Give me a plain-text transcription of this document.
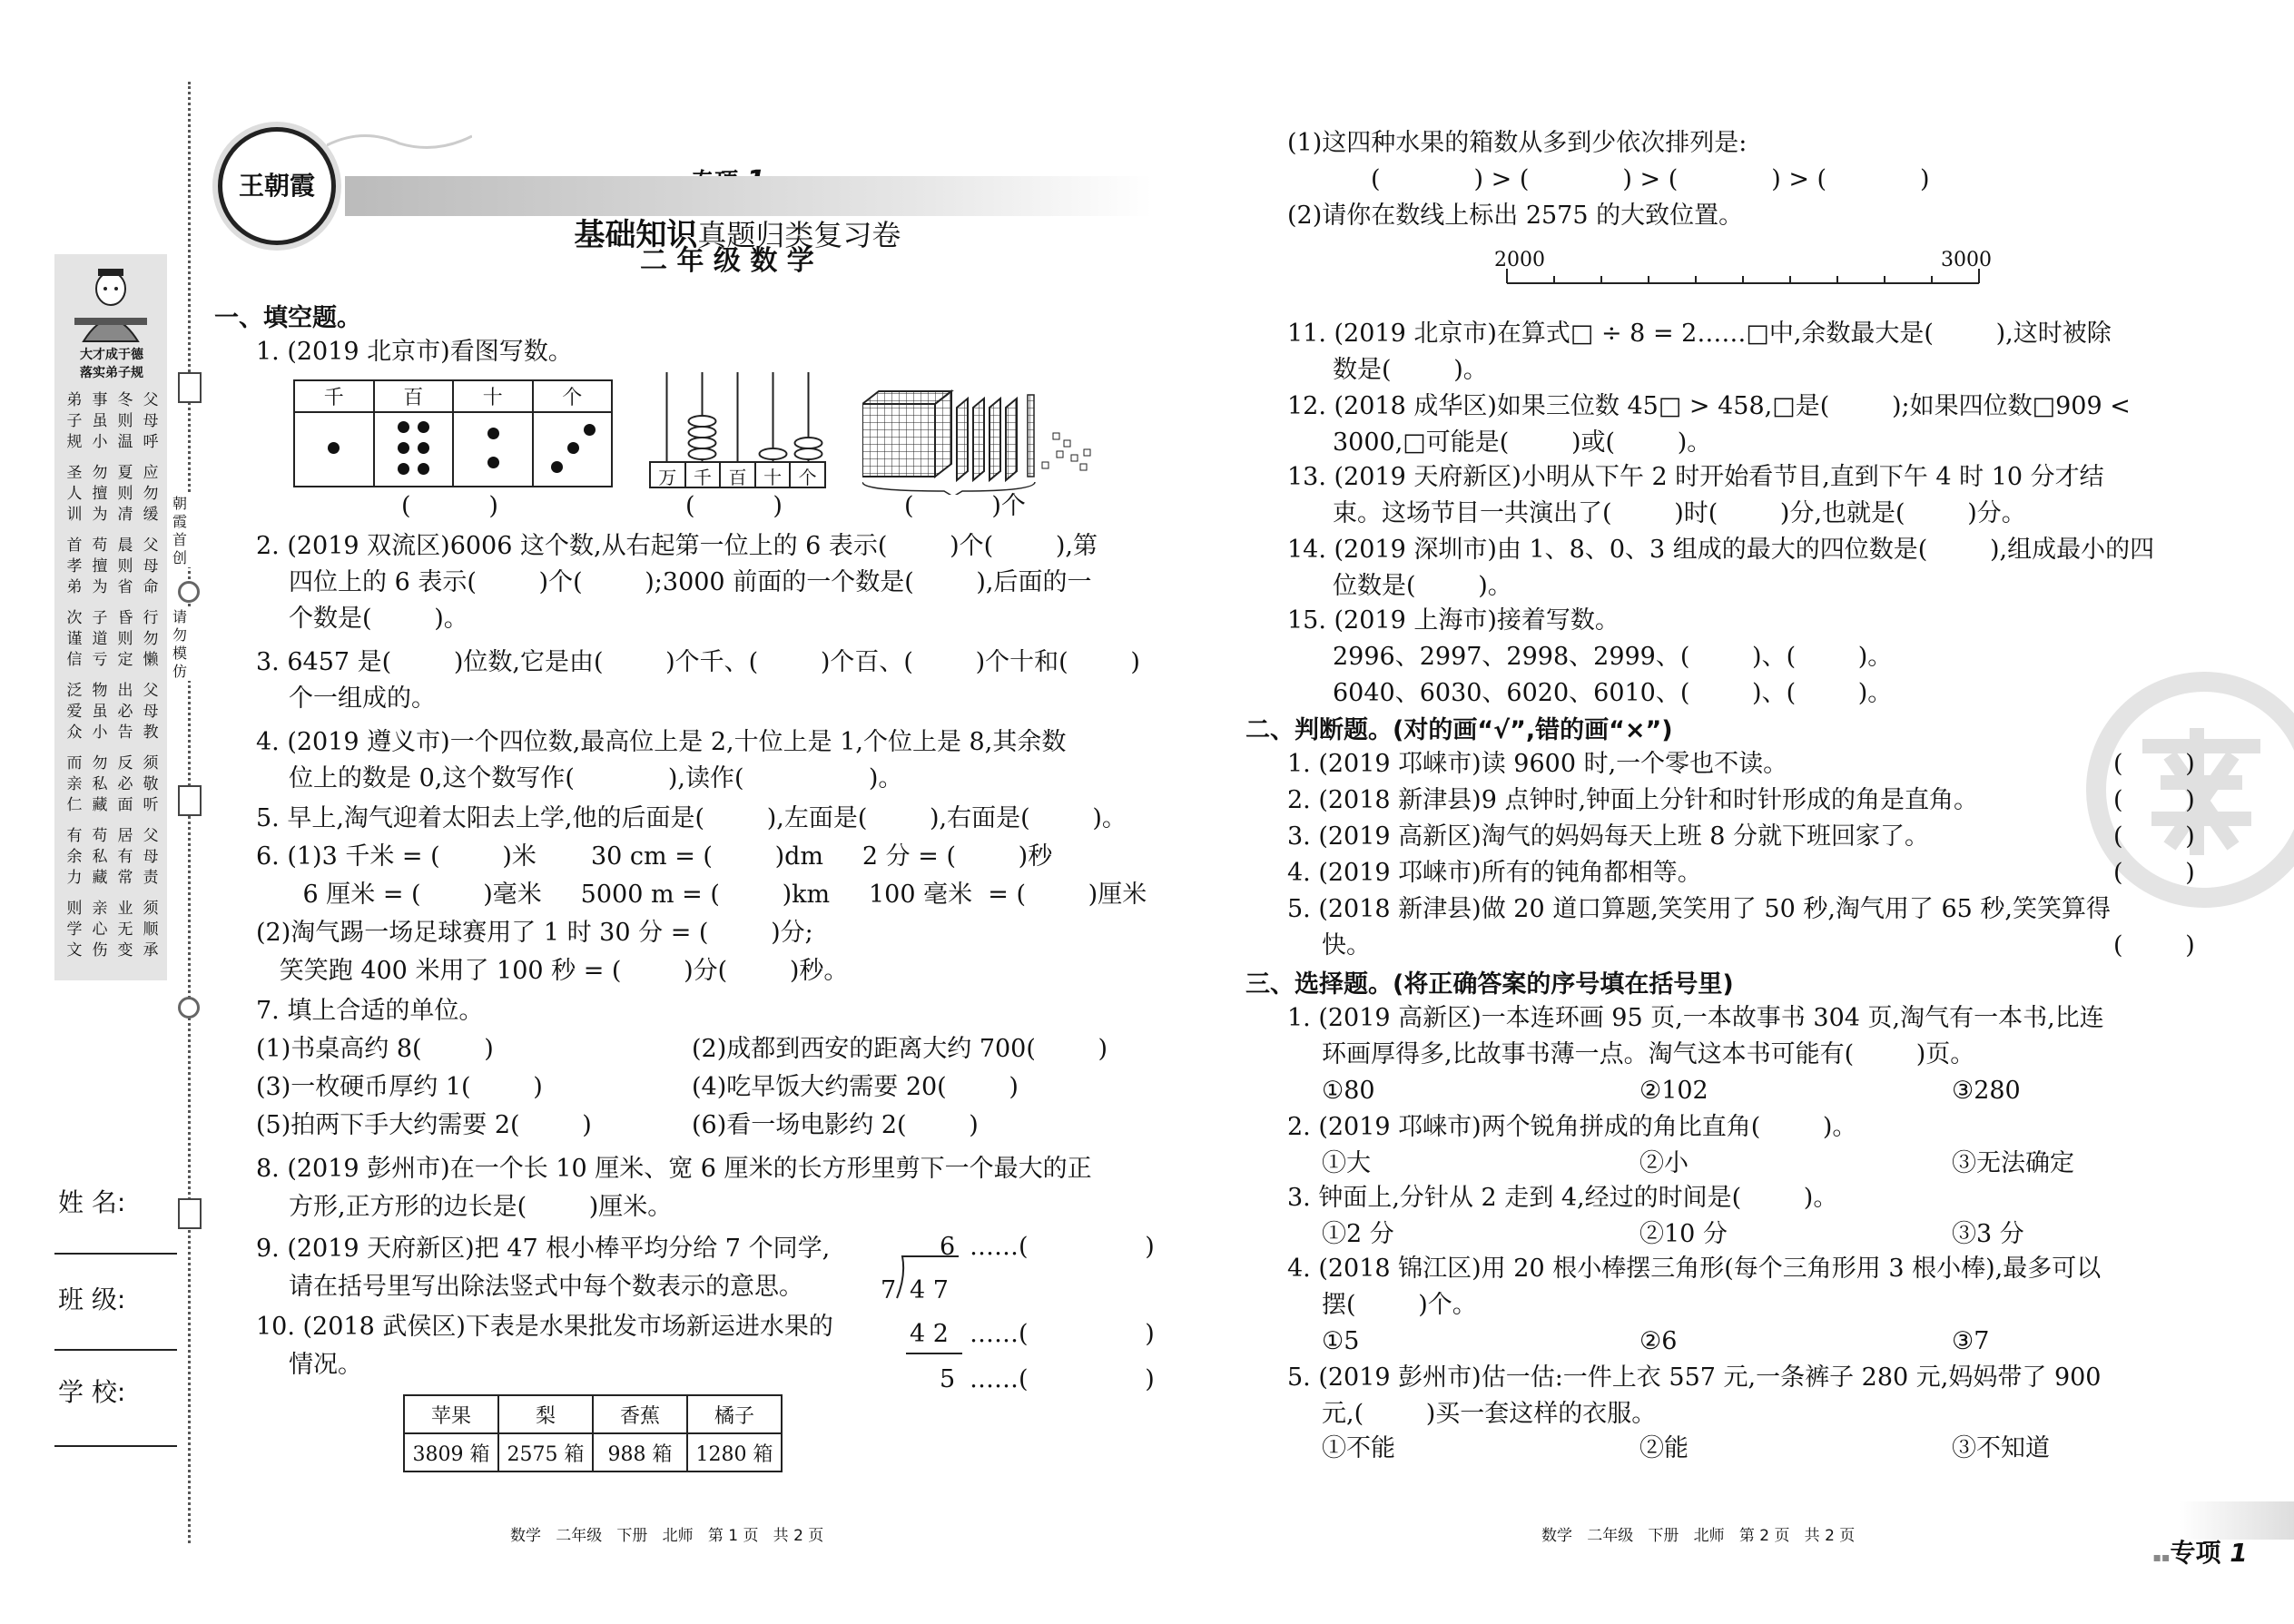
大才成于德
落实弟子规
父母呼
冬则温
事虽小
弟子规
应勿缓
夏则凊
勿擅为
圣人训
父母命
晨则省
苟擅为
首孝弟
行勿懒
昏则定
子道亏
次谨信
父母教
出必告
物虽小
泛爱众
须敬听
反必面
勿私藏
而亲仁
父母责
居有常
苟私藏
有余力
须顺承
业无变
亲心伤
则学文
朝霞首创
请勿模仿
姓 名:
班 级:
学 校:
王朝霞

基础知识真题归类复习卷

二 年 级 数 学
一、填空题。
1. (2019 北京市)看图写数。
千	百	十	个

万 千 百 十 个
(          )	(          )	(          )个
2. (2019 双流区)6006 这个数,从右起第一位上的 6 表示(        )个(        ),第
四位上的 6 表示(        )个(        );3000 前面的一个数是(        ),后面的一
个数是(        )。
3. 6457 是(        )位数,它是由(        )个千、(        )个百、(        )个十和(        )
个一组成的。
4. (2019 遵义市)一个四位数,最高位上是 2,十位上是 1,个位上是 8,其余数
位上的数是 0,这个数写作(            ),读作(                )。
5. 早上,淘气迎着太阳去上学,他的后面是(        ),左面是(        ),右面是(        )。
6. (1)3 千米 = (        )米       30 cm = (        )dm     2 分 = (        )秒
6 厘米 = (        )毫米     5000 m = (        )km     100 毫米  = (        )厘米
(2)淘气踢一场足球赛用了 1 时 30 分 = (        )分;
笑笑跑 400 米用了 100 秒 = (        )分(        )秒。
7. 填上合适的单位。
(1)书桌高约 8(        )	(2)成都到西安的距离大约 700(        )
(3)一枚硬币厚约 1(        )	(4)吃早饭大约需要 20(        )
(5)拍两下手大约需要 2(        )	(6)看一场电影约 2(        )
8. (2019 彭州市)在一个长 10 厘米、宽 6 厘米的长方形里剪下一个最大的正
方形,正方形的边长是(        )厘米。
9. (2019 天府新区)把 47 根小棒平均分给 7 个同学,
请在括号里写出除法竖式中每个数表示的意思。
10. (2018 武侯区)下表是水果批发市场新运进水果的
情况。
6 ……(               )
7 4 7
4 2 ……(               )
5 ……(               )
苹果	梨	香蕉	橘子
3809 箱	2575 箱	988 箱	1280 箱
数学   二年级   下册   北师   第 1 页   共 2 页
(1)这四种水果的箱数从多到少依次排列是:
(            ) > (            ) > (            ) > (            )
(2)请你在数线上标出 2575 的大致位置。
2000	3000
11. (2019 北京市)在算式□ ÷ 8 = 2……□中,余数最大是(        ),这时被除
数是(        )。
12. (2018 成华区)如果三位数 45□ > 458,□是(        );如果四位数□909 <
3000,□可能是(        )或(        )。
13. (2019 天府新区)小明从下午 2 时开始看节目,直到下午 4 时 10 分才结
束。这场节目一共演出了(        )时(        )分,也就是(        )分。
14. (2019 深圳市)由 1、8、0、3 组成的最大的四位数是(        ),组成最小的四
位数是(        )。
15. (2019 上海市)接着写数。
2996、2997、2998、2999、(        )、(        )。
6040、6030、6020、6010、(        )、(        )。
二、判断题。(对的画“√”,错的画“×”)
1. (2019 邛崃市)读 9600 时,一个零也不读。	(        )
2. (2018 新津县)9 点钟时,钟面上分针和时针形成的角是直角。	(        )
3. (2019 高新区)淘气的妈妈每天上班 8 分就下班回家了。	(        )
4. (2019 邛崃市)所有的钝角都相等。	(        )
5. (2018 新津县)做 20 道口算题,笑笑用了 50 秒,淘气用了 65 秒,笑笑算得
快。	(        )
三、选择题。(将正确答案的序号填在括号里)
1. (2019 高新区)一本连环画 95 页,一本故事书 304 页,淘气有一本书,比连
环画厚得多,比故事书薄一点。淘气这本书可能有(        )页。
①80	②102	③280
2. (2019 邛崃市)两个锐角拼成的角比直角(        )。
①大	②小	③无法确定
3. 钟面上,分针从 2 走到 4,经过的时间是(        )。
①2 分	②10 分	③3 分
4. (2018 锦江区)用 20 根小棒摆三角形(每个三角形用 3 根小棒),最多可以
摆(        )个。
①5	②6	③7
5. (2019 彭州市)估一估:一件上衣 557 元,一条裤子 280 元,妈妈带了 900
元,(        )买一套这样的衣服。
①不能	②能	③不知道
数学   二年级   下册   北师   第 2 页   共 2 页

▪▪专项 1
